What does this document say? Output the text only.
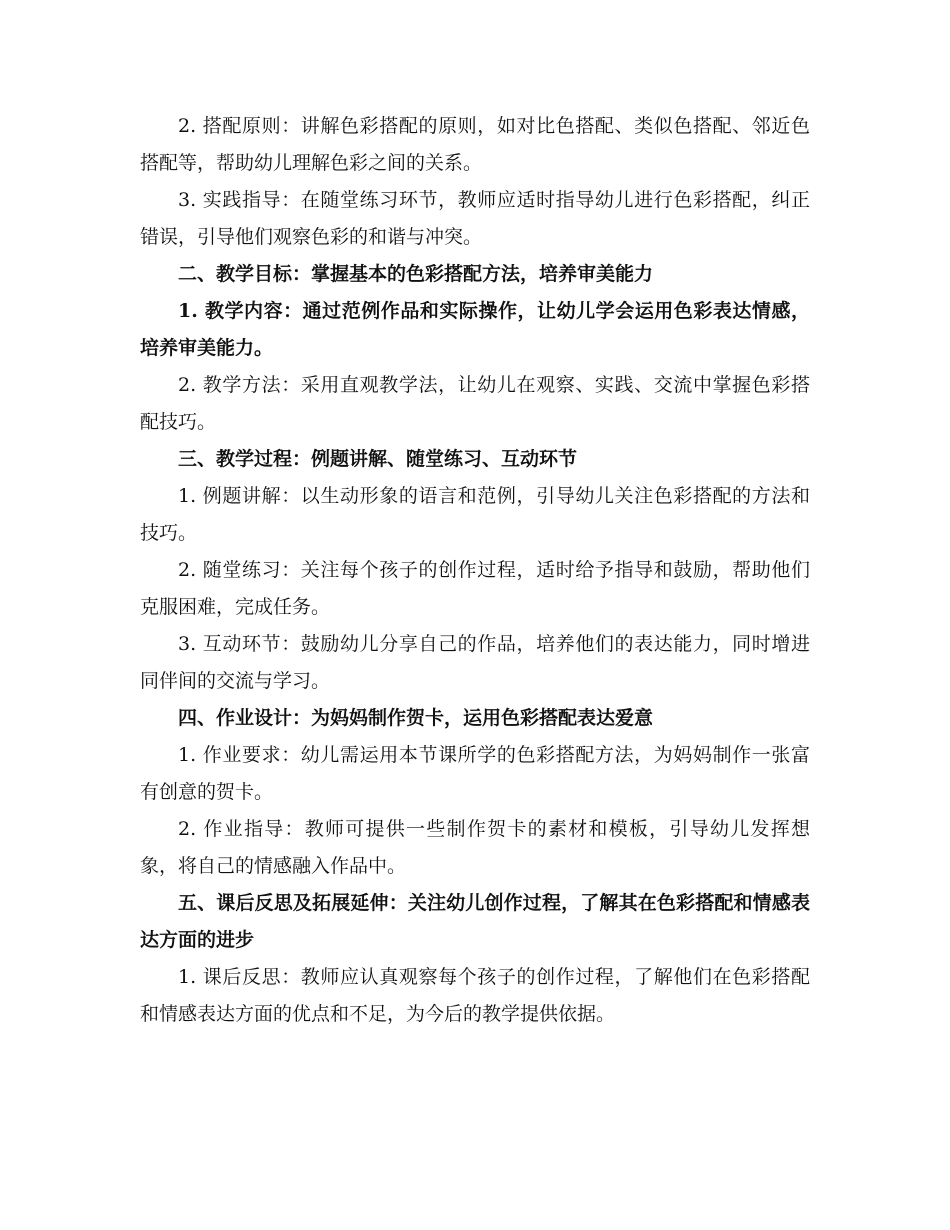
2. 搭配原则：讲解色彩搭配的原则，如对比色搭配、类似色搭配、邻近色搭配等，帮助幼儿理解色彩之间的关系。

3. 实践指导：在随堂练习环节，教师应适时指导幼儿进行色彩搭配，纠正错误，引导他们观察色彩的和谐与冲突。

二、教学目标：掌握基本的色彩搭配方法，培养审美能力

1. 教学内容：通过范例作品和实际操作，让幼儿学会运用色彩表达情感，培养审美能力。

2. 教学方法：采用直观教学法，让幼儿在观察、实践、交流中掌握色彩搭配技巧。

三、教学过程：例题讲解、随堂练习、互动环节

1. 例题讲解：以生动形象的语言和范例，引导幼儿关注色彩搭配的方法和技巧。

2. 随堂练习：关注每个孩子的创作过程，适时给予指导和鼓励，帮助他们克服困难，完成任务。

3. 互动环节：鼓励幼儿分享自己的作品，培养他们的表达能力，同时增进同伴间的交流与学习。

四、作业设计：为妈妈制作贺卡，运用色彩搭配表达爱意

1. 作业要求：幼儿需运用本节课所学的色彩搭配方法，为妈妈制作一张富有创意的贺卡。

2. 作业指导：教师可提供一些制作贺卡的素材和模板，引导幼儿发挥想象，将自己的情感融入作品中。

五、课后反思及拓展延伸：关注幼儿创作过程，了解其在色彩搭配和情感表达方面的进步

1. 课后反思：教师应认真观察每个孩子的创作过程，了解他们在色彩搭配和情感表达方面的优点和不足，为今后的教学提供依据。
